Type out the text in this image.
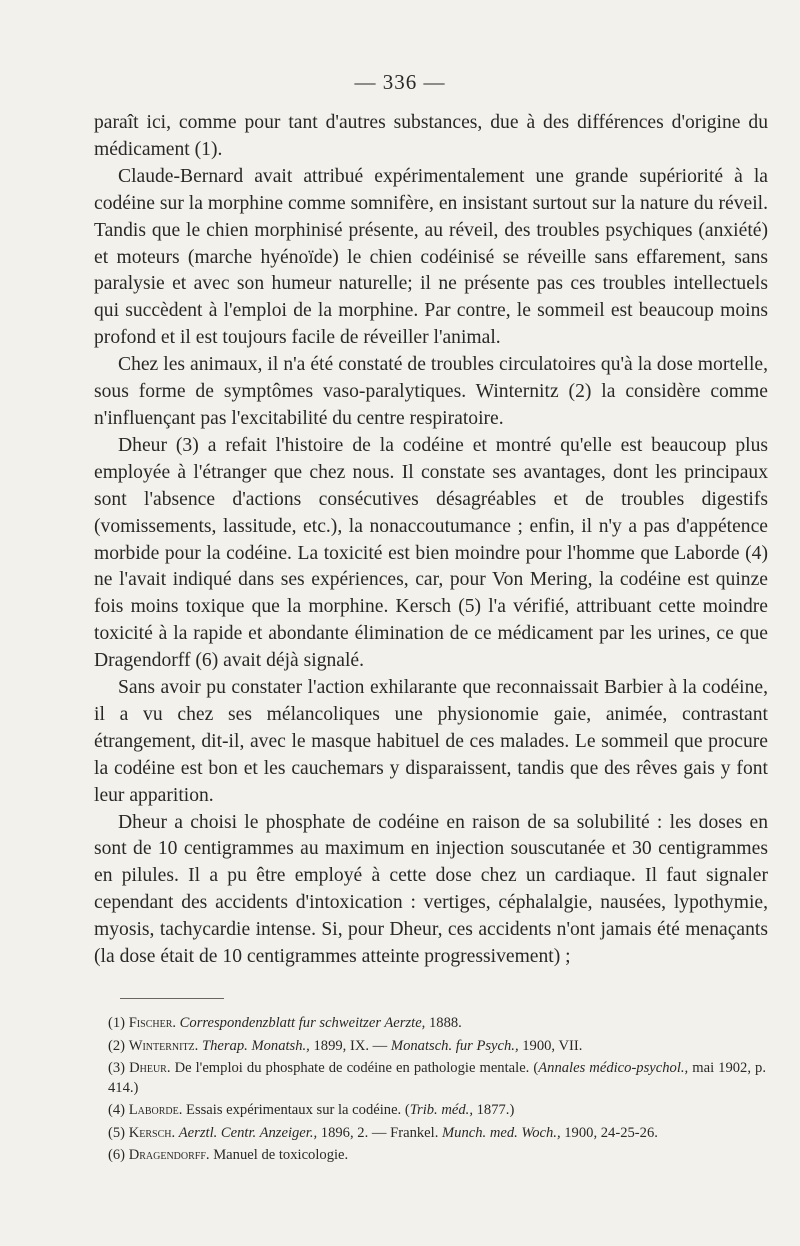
— 336 —

paraît ici, comme pour tant d'autres substances, due à des différences d'origine du médicament (1).

Claude-Bernard avait attribué expérimentalement une grande supériorité à la codéine sur la morphine comme somnifère, en insistant surtout sur la nature du réveil. Tandis que le chien morphinisé présente, au réveil, des troubles psychiques (anxiété) et moteurs (marche hyénoïde) le chien codéinisé se réveille sans effarement, sans paralysie et avec son humeur naturelle; il ne présente pas ces troubles intellectuels qui succèdent à l'emploi de la morphine. Par contre, le sommeil est beaucoup moins profond et il est toujours facile de réveiller l'animal.

Chez les animaux, il n'a été constaté de troubles circulatoires qu'à la dose mortelle, sous forme de symptômes vaso-paralytiques. Winternitz (2) la considère comme n'influençant pas l'excitabilité du centre respiratoire.

Dheur (3) a refait l'histoire de la codéine et montré qu'elle est beaucoup plus employée à l'étranger que chez nous. Il constate ses avantages, dont les principaux sont l'absence d'actions consécutives désagréables et de troubles digestifs (vomissements, lassitude, etc.), la nonaccoutumance ; enfin, il n'y a pas d'appétence morbide pour la codéine. La toxicité est bien moindre pour l'homme que Laborde (4) ne l'avait indiqué dans ses expériences, car, pour Von Mering, la codéine est quinze fois moins toxique que la morphine. Kersch (5) l'a vérifié, attribuant cette moindre toxicité à la rapide et abondante élimination de ce médicament par les urines, ce que Dragendorff (6) avait déjà signalé.

Sans avoir pu constater l'action exhilarante que reconnaissait Barbier à la codéine, il a vu chez ses mélancoliques une physionomie gaie, animée, contrastant étrangement, dit-il, avec le masque habituel de ces malades. Le sommeil que procure la codéine est bon et les cauchemars y disparaissent, tandis que des rêves gais y font leur apparition.

Dheur a choisi le phosphate de codéine en raison de sa solubilité : les doses en sont de 10 centigrammes au maximum en injection souscutanée et 30 centigrammes en pilules. Il a pu être employé à cette dose chez un cardiaque. Il faut signaler cependant des accidents d'intoxication : vertiges, céphalalgie, nausées, lypothymie, myosis, tachycardie intense. Si, pour Dheur, ces accidents n'ont jamais été menaçants (la dose était de 10 centigrammes atteinte progressivement) ;

(1) Fischer. Correspondenzblatt fur schweitzer Aerzte, 1888.

(2) Winternitz. Therap. Monatsh., 1899, IX. — Monatsch. fur Psych., 1900, VII.

(3) Dheur. De l'emploi du phosphate de codéine en pathologie mentale. (Annales médico-psychol., mai 1902, p. 414.)

(4) Laborde. Essais expérimentaux sur la codéine. (Trib. méd., 1877.)

(5) Kersch. Aerztl. Centr. Anzeiger., 1896, 2. — Frankel. Munch. med. Woch., 1900, 24-25-26.

(6) Dragendorff. Manuel de toxicologie.
